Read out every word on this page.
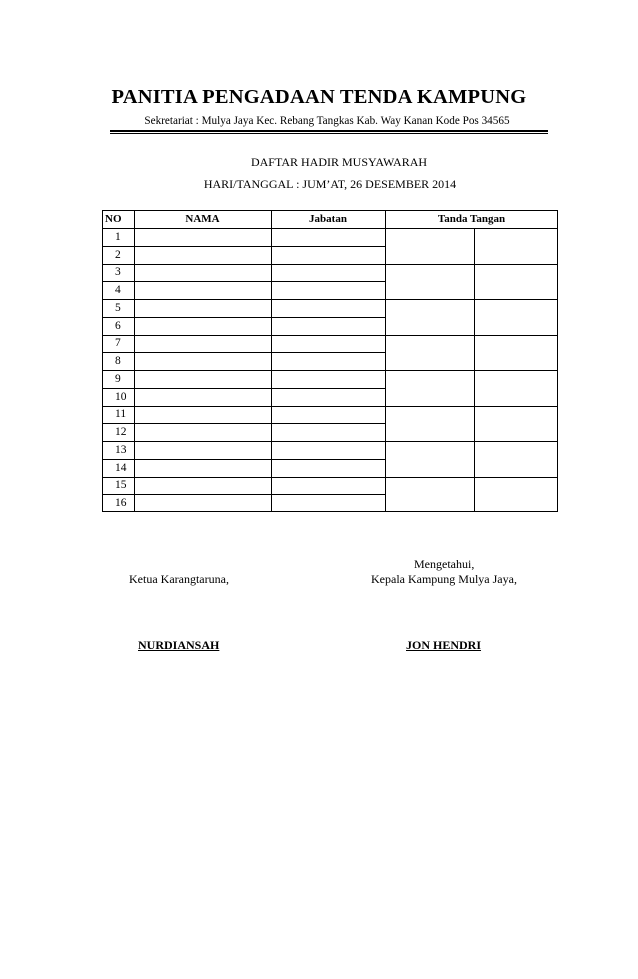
PANITIA PENGADAAN TENDA KAMPUNG
Sekretariat : Mulya Jaya Kec. Rebang Tangkas Kab. Way Kanan Kode Pos 34565
DAFTAR HADIR MUSYAWARAH
HARI/TANGGAL : JUM’AT, 26 DESEMBER 2014
NO	NAMA	Jabatan	Tanda Tangan
1
2
3
4
5
6
7
8
9
10
11
12
13
14
15
16
Mengetahui,
Ketua Karangtaruna,	Kepala Kampung Mulya Jaya,
NURDIANSAH	JON HENDRI
